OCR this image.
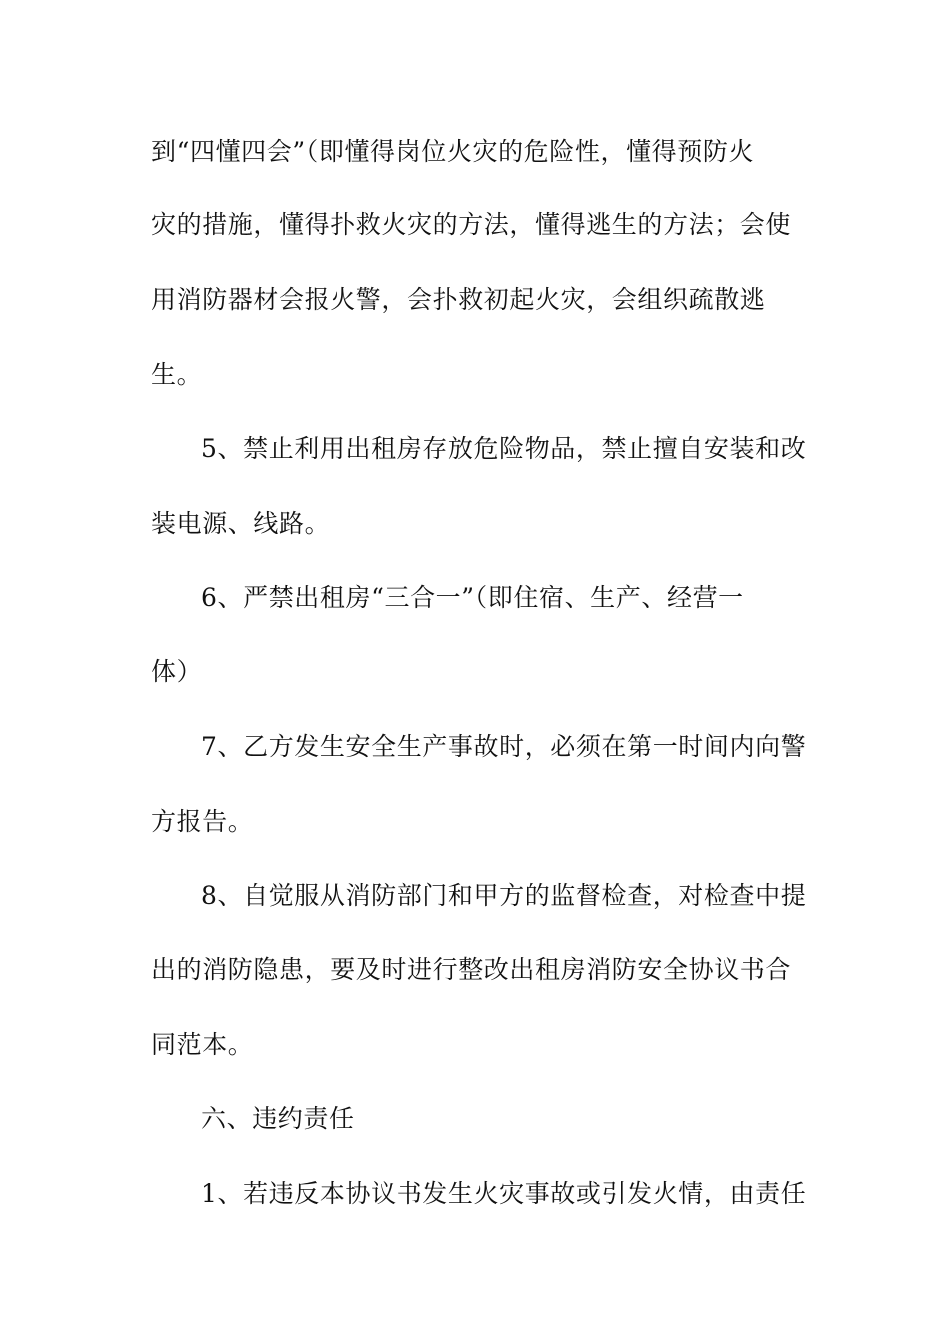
到“四懂四会”（即懂得岗位火灾的危险性，懂得预防火

灾的措施，懂得扑救火灾的方法，懂得逃生的方法；会使

用消防器材会报火警，会扑救初起火灾，会组织疏散逃

生。

5、禁止利用出租房存放危险物品，禁止擅自安装和改

装电源、线路。

6、严禁出租房“三合一”（即住宿、生产、经营一

体）

7、乙方发生安全生产事故时，必须在第一时间内向警

方报告。

8、自觉服从消防部门和甲方的监督检查，对检查中提

出的消防隐患，要及时进行整改出租房消防安全协议书合

同范本。

六、违约责任

1、若违反本协议书发生火灾事故或引发火情，由责任
